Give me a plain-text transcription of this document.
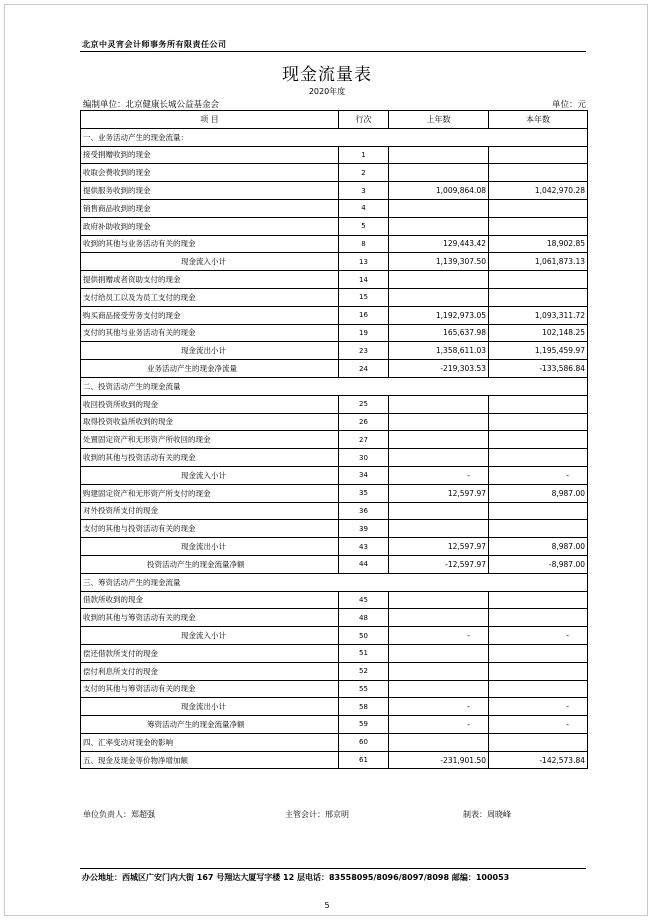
北京中灵宵会计师事务所有限责任公司
现金流量表
2020年度
编制单位：北京健康长城公益基金会	单位：元
项 目	行次	上年数	本年数
一、业务活动产生的现金流量：			
接受捐赠收到的现金	1		
收取会费收到的现金	2		
提供服务收到的现金	3	1,009,864.08	1,042,970.28
销售商品收到的现金	4		
政府补助收到的现金	5		
收到的其他与业务活动有关的现金	8	129,443.42	18,902.85
现金流入小计	13	1,139,307.50	1,061,873.13
提供捐赠或者资助支付的现金	14		
支付给员工以及为员工支付的现金	15		
购买商品接受劳务支付的现金	16	1,192,973.05	1,093,311.72
支付的其他与业务活动有关的现金	19	165,637.98	102,148.25
现金流出小计	23	1,358,611.03	1,195,459.97
业务活动产生的现金净流量	24	-219,303.53	-133,586.84
二、投资活动产生的现金流量			
收回投资所收到的现金	25		
取得投资收益所收到的现金	26		
处置固定资产和无形资产所收回的现金	27		
收到的其他与投资活动有关的现金	30		
现金流入小计	34	-	-
购建固定资产和无形资产所支付的现金	35	12,597.97	8,987.00
对外投资所支付的现金	36		
支付的其他与投资活动有关的现金	39		
现金流出小计	43	12,597.97	8,987.00
投资活动产生的现金流量净额	44	-12,597.97	-8,987.00
三、筹资活动产生的现金流量			
借款所收到的现金	45		
收到的其他与筹资活动有关的现金	48		
现金流入小计	50	-	-
偿还借款所支付的现金	51		
偿付利息所支付的现金	52		
支付的其他与筹资活动有关的现金	55		
现金流出小计	58	-	-
筹资活动产生的现金流量净额	59	-	-
四、汇率变动对现金的影响	60		
五、现金及现金等价物净增加额	61	-231,901.50	-142,573.84
单位负责人：郑超强	主管会计：邢京明	制表：周晓峰
办公地址：西城区广安门内大街 167 号翔达大厦写字楼 12 层电话：83558095/8096/8097/8098 邮编：100053
5
